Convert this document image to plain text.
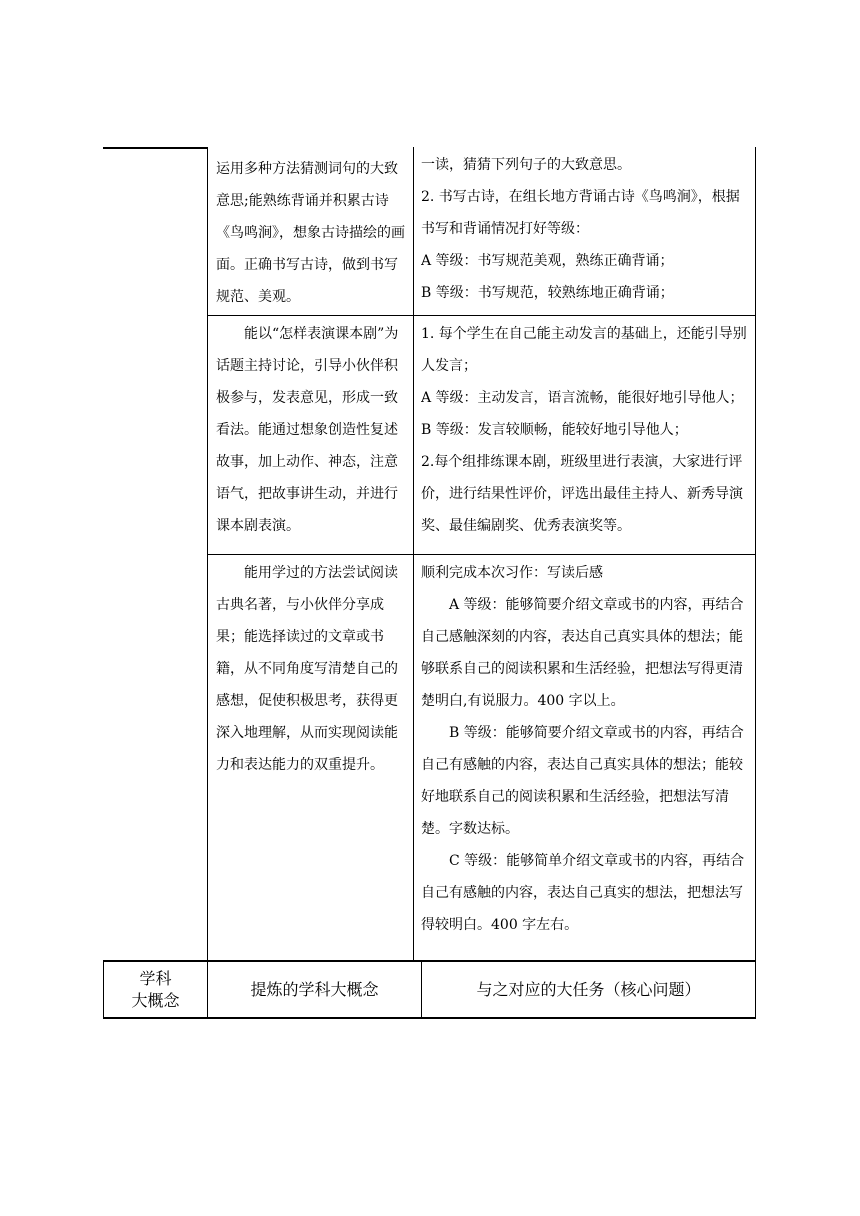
运用多种方法猜测词句的大致意思;能熟练背诵并积累古诗《鸟鸣涧》，想象古诗描绘的画面。正确书写古诗，做到书写规范、美观。

一读，猜猜下列句子的大致意思。

2. 书写古诗，在组长地方背诵古诗《鸟鸣涧》，根据书写和背诵情况打好等级：

A 等级：书写规范美观，熟练正确背诵；

B 等级：书写规范，较熟练地正确背诵；

能以“怎样表演课本剧”为话题主持讨论，引导小伙伴积极参与，发表意见，形成一致看法。能通过想象创造性复述故事，加上动作、神态，注意语气，把故事讲生动，并进行课本剧表演。

1. 每个学生在自己能主动发言的基础上，还能引导别人发言；

A 等级：主动发言，语言流畅，能很好地引导他人；

B 等级：发言较顺畅，能较好地引导他人；

2.每个组排练课本剧，班级里进行表演，大家进行评价，进行结果性评价，评选出最佳主持人、新秀导演奖、最佳编剧奖、优秀表演奖等。

能用学过的方法尝试阅读古典名著，与小伙伴分享成果；能选择读过的文章或书籍，从不同角度写清楚自己的感想，促使积极思考，获得更深入地理解，从而实现阅读能力和表达能力的双重提升。

顺利完成本次习作：写读后感

A 等级：能够简要介绍文章或书的内容，再结合自己感触深刻的内容，表达自己真实具体的想法；能够联系自己的阅读积累和生活经验，把想法写得更清楚明白,有说服力。400 字以上。

B 等级：能够简要介绍文章或书的内容，再结合自己有感触的内容，表达自己真实具体的想法；能较好地联系自己的阅读积累和生活经验，把想法写清楚。字数达标。

C 等级：能够简单介绍文章或书的内容，再结合自己有感触的内容，表达自己真实的想法，把想法写得较明白。400 字左右。

学科
大概念
提炼的学科大概念	与之对应的大任务（核心问题）
